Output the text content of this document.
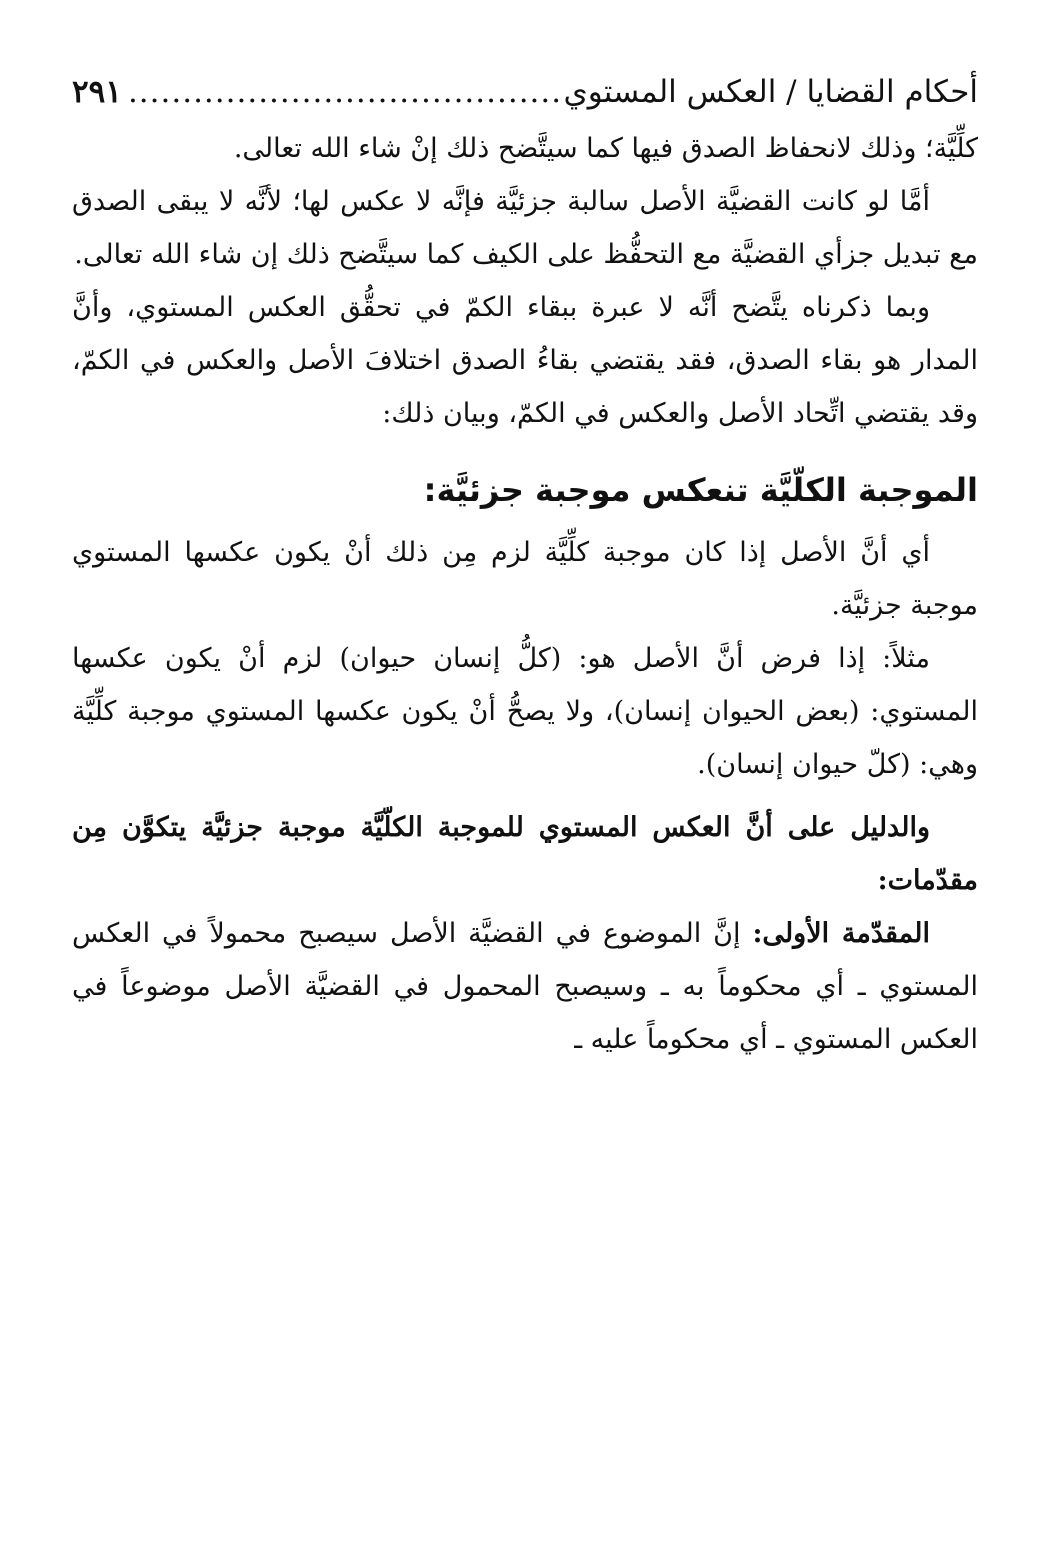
أحكام القضايا / العكس المستوي
.....
٢٩١

كلِّيَّة؛ وذلك لانحفاظ الصدق فيها كما سيتَّضح ذلك إنْ شاء الله تعالى.

أمَّا لو كانت القضيَّة الأصل سالبة جزئيَّة فإنَّه لا عكس لها؛ لأنَّه لا يبقى الصدق مع تبديل جزأي القضيَّة مع التحفُّظ على الكيف كما سيتَّضح ذلك إن شاء الله تعالى.

وبما ذكرناه يتَّضح أنَّه لا عبرة ببقاء الكمّ في تحقُّق العكس المستوي، وأنَّ المدار هو بقاء الصدق، فقد يقتضي بقاءُ الصدق اختلافَ الأصل والعكس في الكمّ، وقد يقتضي اتِّحاد الأصل والعكس في الكمّ، وبيان ذلك:

الموجبة الكلّيَّة تنعكس موجبة جزئيَّة:

أي أنَّ الأصل إذا كان موجبة كلِّيَّة لزم مِن ذلك أنْ يكون عكسها المستوي موجبة جزئيَّة.

مثلاً: إذا فرض أنَّ الأصل هو: (كلُّ إنسان حيوان) لزم أنْ يكون عكسها المستوي: (بعض الحيوان إنسان)، ولا يصحُّ أنْ يكون عكسها المستوي موجبة كلِّيَّة وهي: (كلّ حيوان إنسان).

والدليل على أنَّ العكس المستوي للموجبة الكلّيَّة موجبة جزئيَّة يتكوَّن مِن مقدّمات:

المقدّمة الأولى: إنَّ الموضوع في القضيَّة الأصل سيصبح محمولاً في العكس المستوي ـ أي محكوماً به ـ وسيصبح المحمول في القضيَّة الأصل موضوعاً في العكس المستوي ـ أي محكوماً عليه ـ
